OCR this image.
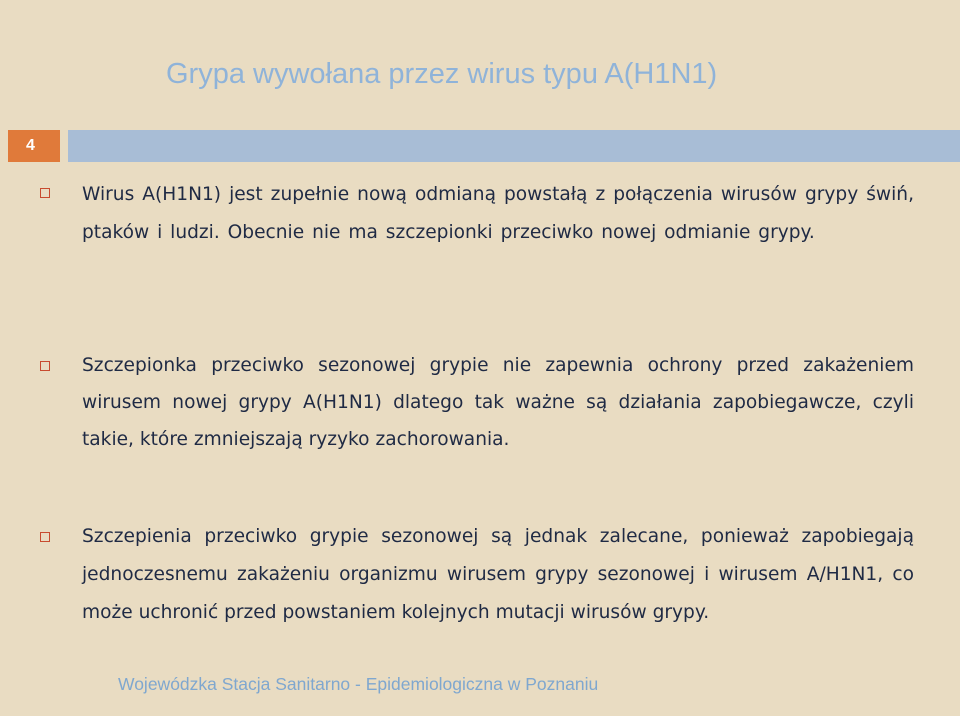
Grypa wywołana przez wirus typu A(H1N1)
4

Wirus A(H1N1) jest zupełnie nową odmianą powstałą z połączenia wirusów grypy świń, ptaków i ludzi. Obecnie nie ma szczepionki przeciwko nowej odmianie grypy.

Szczepionka przeciwko sezonowej grypie nie zapewnia ochrony przed zakażeniem wirusem nowej grypy A(H1N1) dlatego tak ważne są działania zapobiegawcze, czyli takie, które zmniejszają ryzyko zachorowania.

Szczepienia przeciwko grypie sezonowej są jednak zalecane, ponieważ zapobiegają jednoczesnemu zakażeniu organizmu wirusem grypy sezonowej i wirusem A/H1N1, co może uchronić przed powstaniem kolejnych mutacji wirusów grypy.

Wojewódzka Stacja Sanitarno - Epidemiologiczna w Poznaniu
